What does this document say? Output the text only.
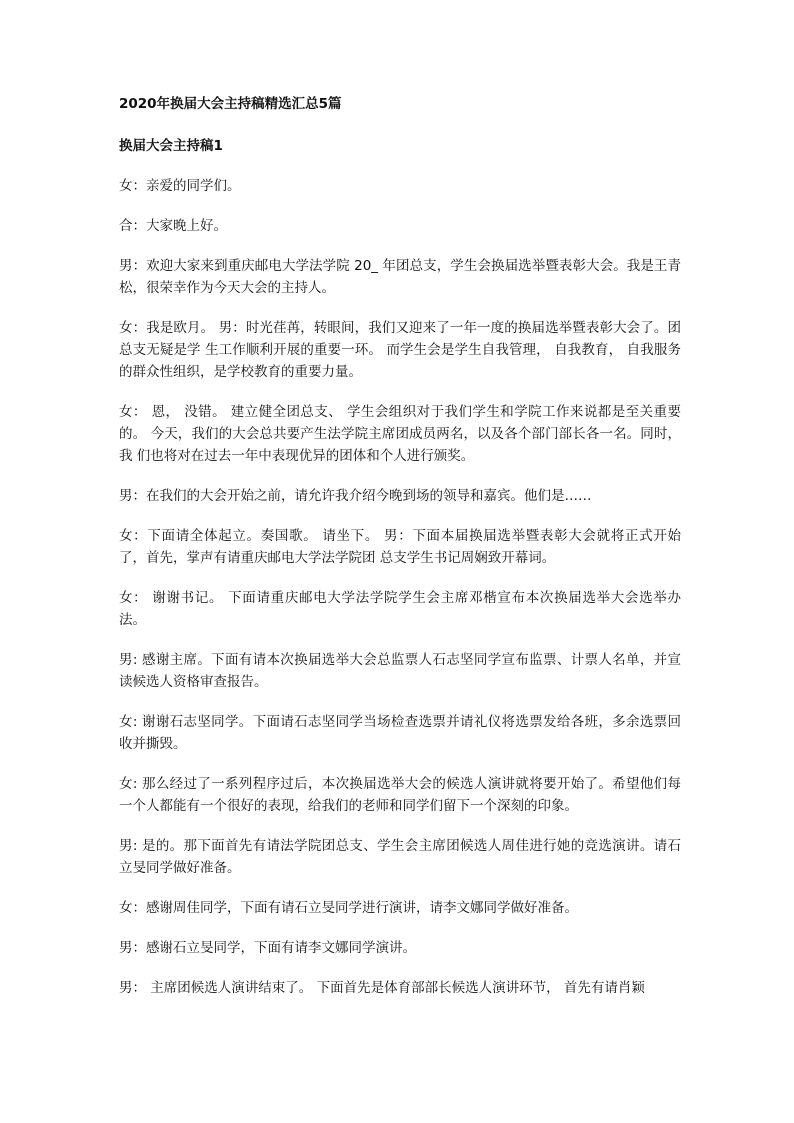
2020年换届大会主持稿精选汇总5篇

换届大会主持稿1

女：亲爱的同学们。

合：大家晚上好。

男：欢迎大家来到重庆邮电大学法学院 20_ 年团总支，学生会换届选举暨表彰大会。我是王青松，很荣幸作为今天大会的主持人。

女：我是欧月。 男：时光荏苒，转眼间，我们又迎来了一年一度的换届选举暨表彰大会了。团总支无疑是学 生工作顺利开展的重要一环。 而学生会是学生自我管理， 自我教育， 自我服务的群众性组织，是学校教育的重要力量。

女： 恩， 没错。 建立健全团总支、 学生会组织对于我们学生和学院工作来说都是至关重要的。 今天，我们的大会总共要产生法学院主席团成员两名，以及各个部门部长各一名。同时，我 们也将对在过去一年中表现优异的团体和个人进行颁奖。

男：在我们的大会开始之前，请允许我介绍今晚到场的领导和嘉宾。他们是……

女：下面请全体起立。奏国歌。 请坐下。 男：下面本届换届选举暨表彰大会就将正式开始了，首先，掌声有请重庆邮电大学法学院团 总支学生书记周娴致开幕词。

女： 谢谢书记。 下面请重庆邮电大学法学院学生会主席邓楷宣布本次换届选举大会选举办法。

男: 感谢主席。下面有请本次换届选举大会总监票人石志坚同学宣布监票、计票人名单，并宣读候选人资格审查报告。

女: 谢谢石志坚同学。下面请石志坚同学当场检查选票并请礼仪将选票发给各班，多余选票回收并撕毁。

女: 那么经过了一系列程序过后，本次换届选举大会的候选人演讲就将要开始了。希望他们每一个人都能有一个很好的表现，给我们的老师和同学们留下一个深刻的印象。

男: 是的。那下面首先有请法学院团总支、学生会主席团候选人周佳进行她的竞选演讲。请石立旻同学做好准备。

女：感谢周佳同学，下面有请石立旻同学进行演讲，请李文娜同学做好准备。

男：感谢石立旻同学，下面有请李文娜同学演讲。

男： 主席团候选人演讲结束了。 下面首先是体育部部长候选人演讲环节， 首先有请肖颖
